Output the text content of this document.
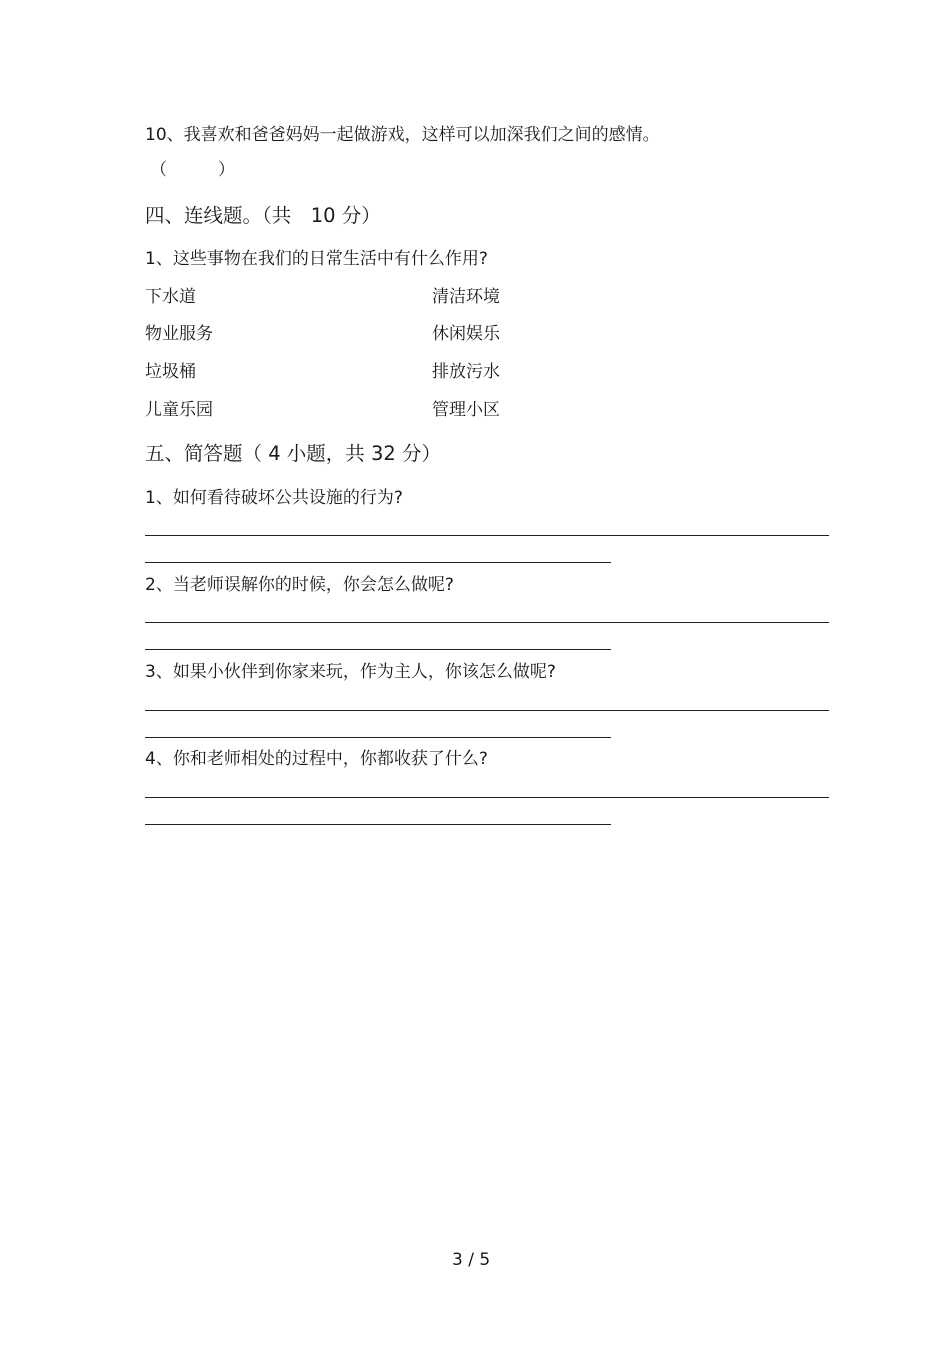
10、我喜欢和爸爸妈妈一起做游戏，这样可以加深我们之间的感情。
（　　　）
四、连线题。（共　10 分）
1、这些事物在我们的日常生活中有什么作用?
下水道
物业服务
垃圾桶
儿童乐园
清洁环境
休闲娱乐
排放污水
管理小区
五、简答题（ 4 小题，共 32 分）
1、如何看待破坏公共设施的行为?
2、当老师误解你的时候，你会怎么做呢?
3、如果小伙伴到你家来玩，作为主人，你该怎么做呢?
4、你和老师相处的过程中，你都收获了什么?
3 / 5
